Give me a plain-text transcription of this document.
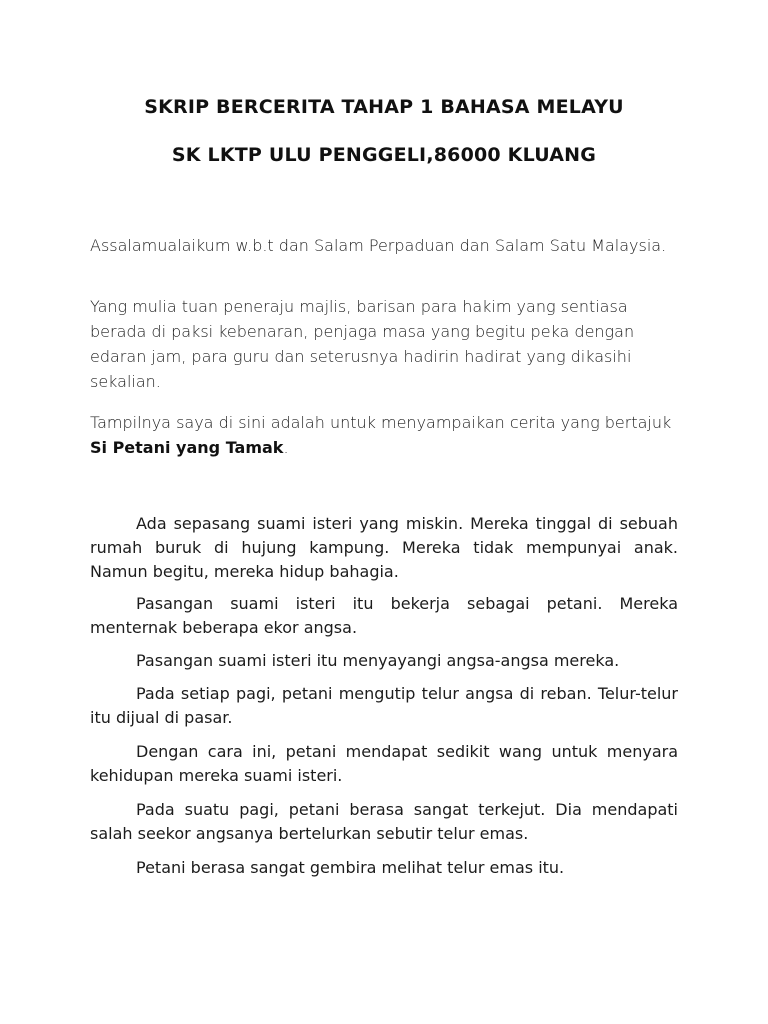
SKRIP BERCERITA TAHAP 1 BAHASA MELAYU
SK LKTP ULU PENGGELI,86000 KLUANG

Assalamualaikum w.b.t dan Salam Perpaduan dan Salam Satu Malaysia.

Yang mulia tuan peneraju majlis, barisan para hakim yang sentiasa berada di paksi kebenaran, penjaga masa yang begitu peka dengan edaran jam, para guru dan seterusnya hadirin hadirat yang dikasihi sekalian.

Tampilnya saya di sini adalah untuk menyampaikan cerita yang bertajuk Si Petani yang Tamak.

Ada sepasang suami isteri yang miskin. Mereka tinggal di sebuah rumah buruk di hujung kampung. Mereka tidak mempunyai anak. Namun begitu, mereka hidup bahagia.

Pasangan suami isteri itu bekerja sebagai petani. Mereka menternak beberapa ekor angsa.

Pasangan suami isteri itu menyayangi angsa-angsa mereka.

Pada setiap pagi, petani mengutip telur angsa di reban. Telur-telur itu dijual di pasar.

Dengan cara ini, petani mendapat sedikit wang untuk menyara kehidupan mereka suami isteri.

Pada suatu pagi, petani berasa sangat terkejut. Dia mendapati salah seekor angsanya bertelurkan sebutir telur emas.

Petani berasa sangat gembira melihat telur emas itu.
